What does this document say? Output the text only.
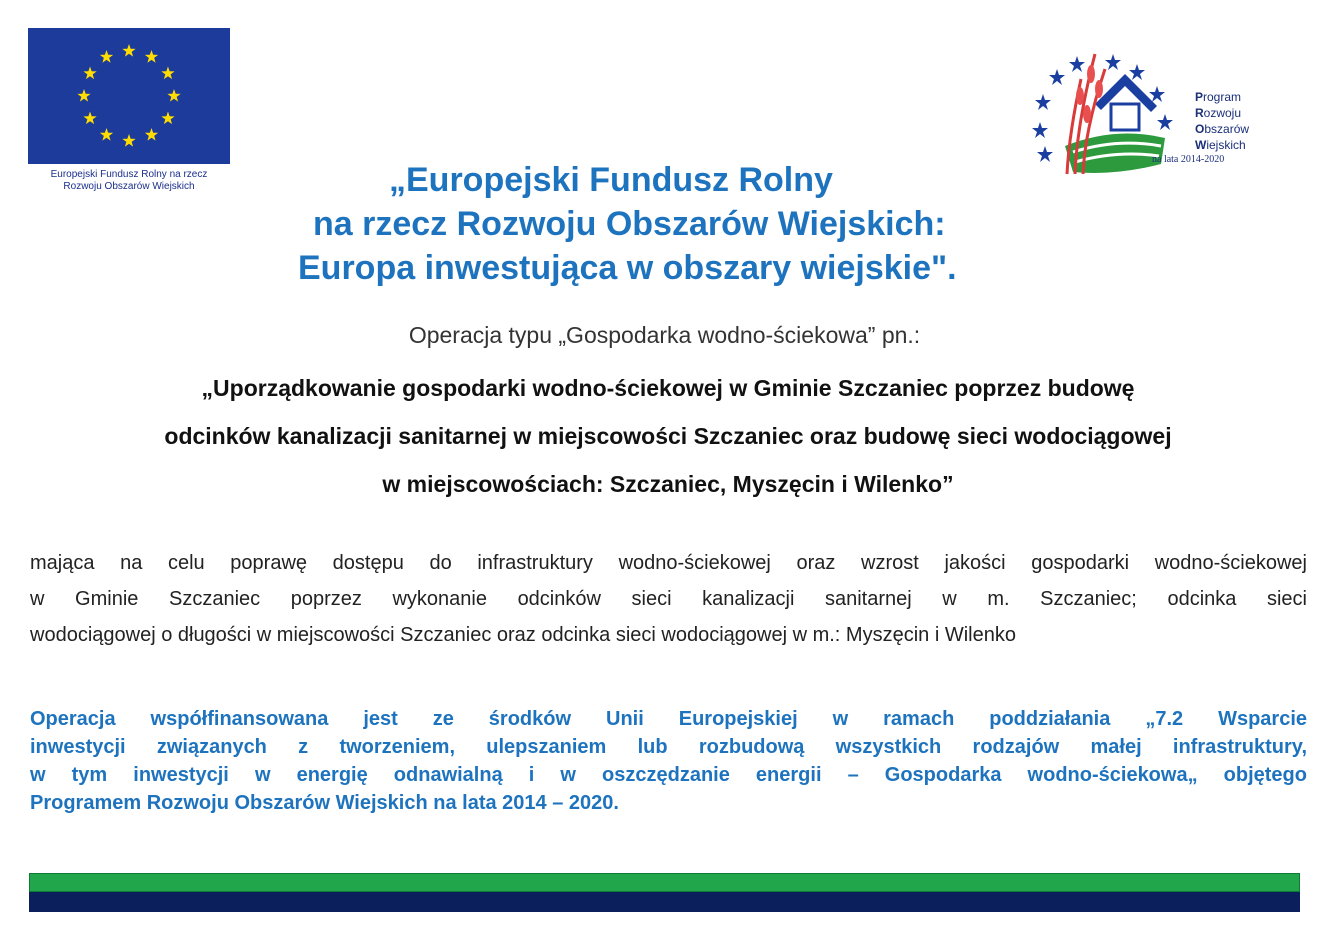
Europejski Fundusz Rolny na rzecz
Rozwoju Obszarów Wiejskich
Program
Rozwoju
Obszarów
Wiejskich
na lata 2014-2020
„Europejski Fundusz Rolny
na rzecz Rozwoju Obszarów Wiejskich:
Europa inwestująca w obszary wiejskie".
Operacja typu „Gospodarka wodno-ściekowa” pn.:
„Uporządkowanie gospodarki wodno-ściekowej w Gminie Szczaniec poprzez budowę
odcinków kanalizacji sanitarnej w miejscowości Szczaniec oraz budowę sieci wodociągowej
w miejscowościach: Szczaniec, Myszęcin i Wilenko”
mająca na celu poprawę dostępu do infrastruktury wodno-ściekowej oraz wzrost jakości gospodarki wodno-ściekowej
w Gminie Szczaniec poprzez wykonanie odcinków sieci kanalizacji sanitarnej w m. Szczaniec; odcinka sieci
wodociągowej o długości w miejscowości Szczaniec oraz odcinka sieci wodociągowej w m.: Myszęcin i Wilenko
Operacja współfinansowana jest ze środków Unii Europejskiej w ramach poddziałania „7.2 Wsparcie
inwestycji związanych z tworzeniem, ulepszaniem lub rozbudową wszystkich rodzajów małej infrastruktury,
w tym inwestycji w energię odnawialną i w oszczędzanie energii – Gospodarka wodno-ściekowa„ objętego
Programem Rozwoju Obszarów Wiejskich na lata 2014 – 2020.
